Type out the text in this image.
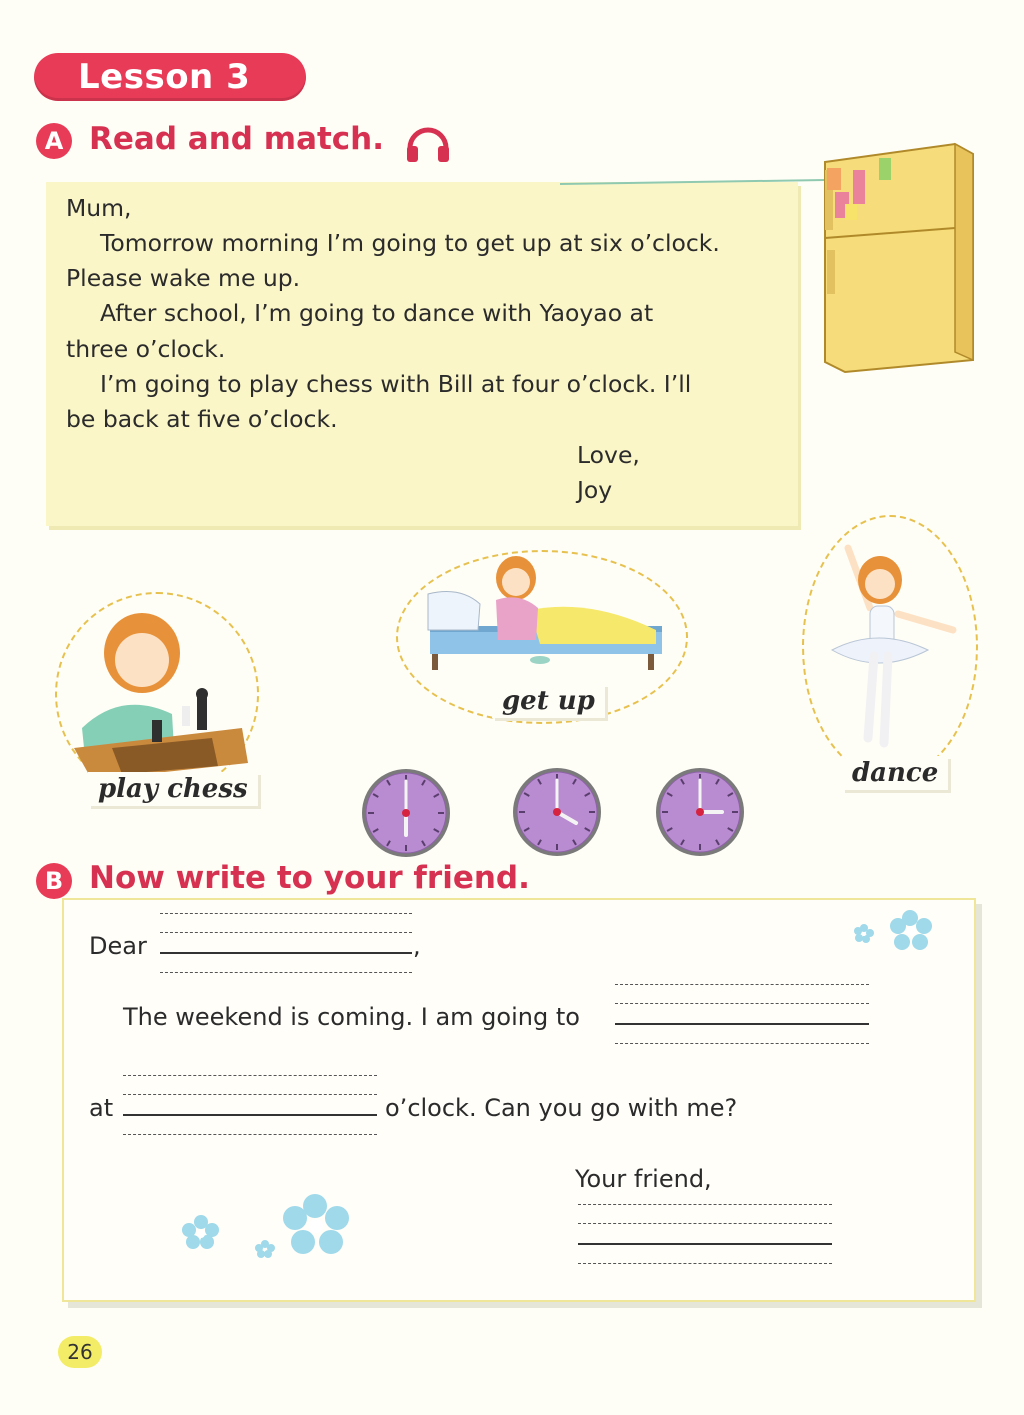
Lesson 3
A Read and match.
Mum,
Tomorrow morning I’m going to get up at six o’clock.
Please wake me up.
After school, I’m going to dance with Yaoyao at
three o’clock.
I’m going to play chess with Bill at four o’clock. I’ll
be back at five o’clock.
Love,
Joy
play chess
get up
dance
B Now write to your friend.
Dear	,
The weekend is coming. I am going to
at	o’clock. Can you go with me?
Your friend,
26
